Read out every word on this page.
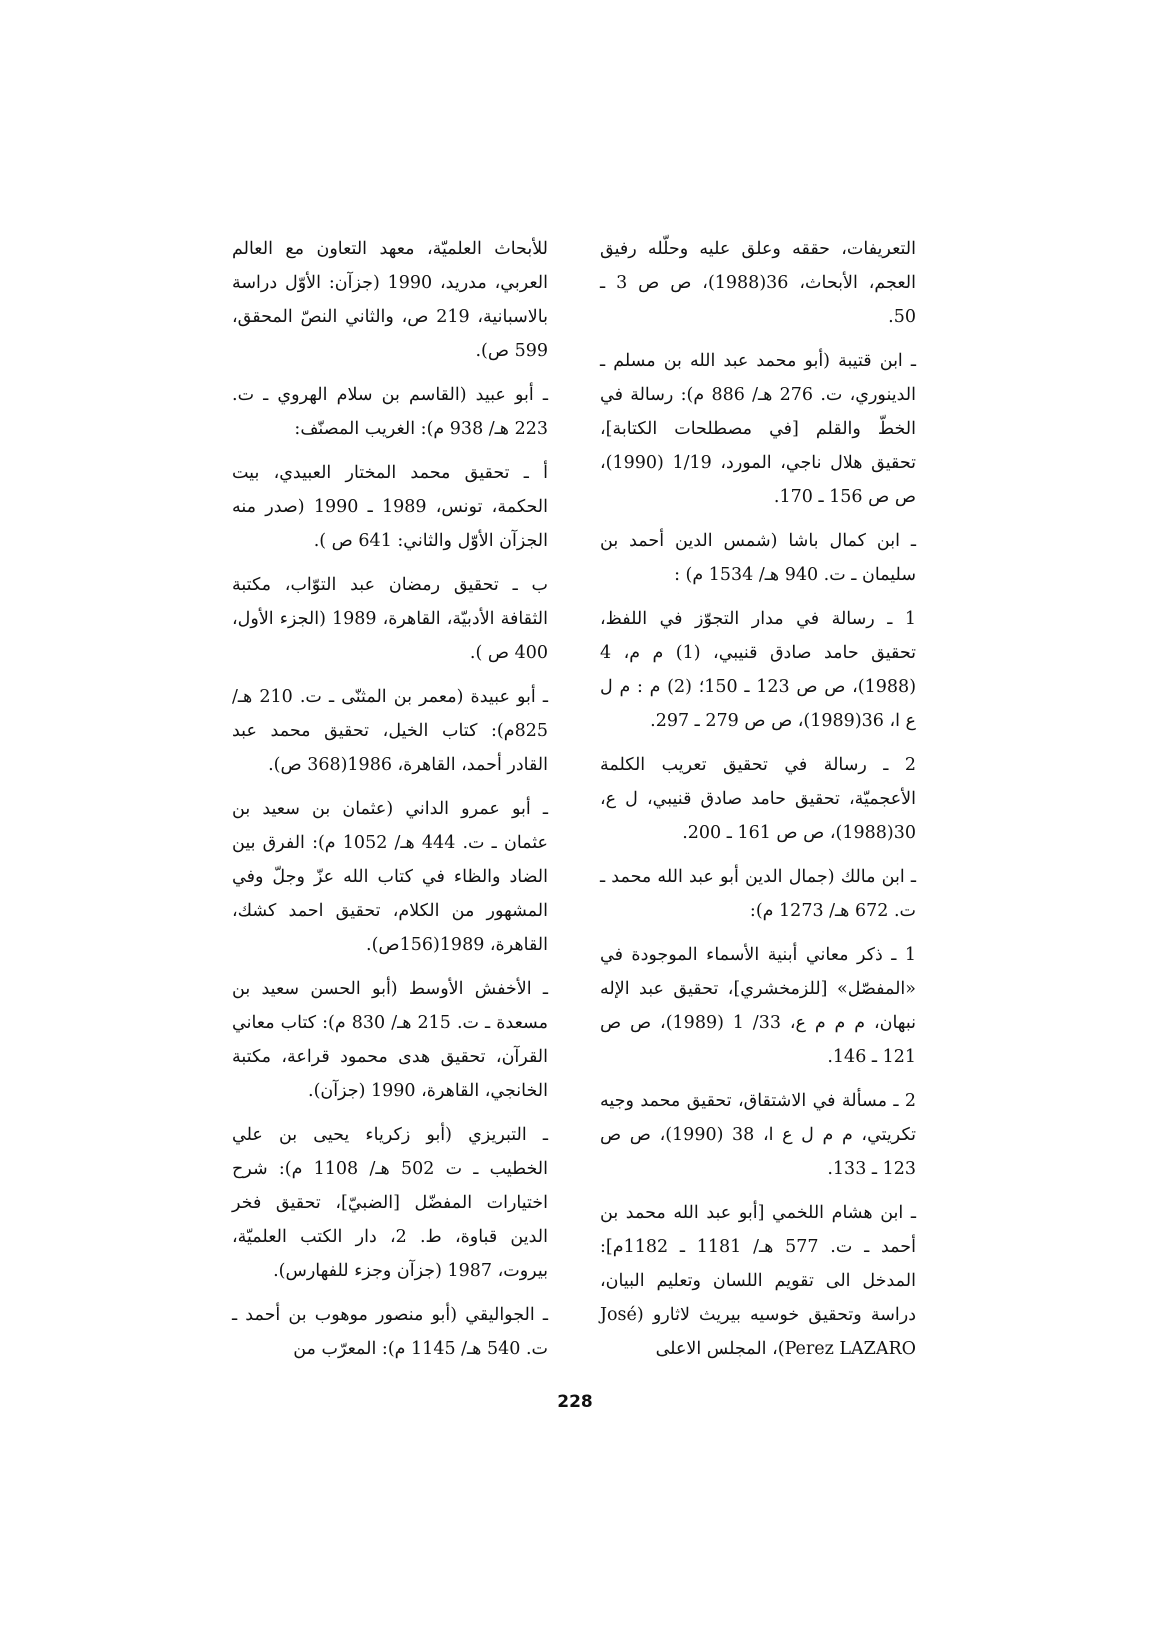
التعريفات، حققه وعلق عليه وحلّله رفيق العجم، الأبحاث، 36(1988)، ص ص 3 ـ 50.

ـ ابن قتيبة (أبو محمد عبد الله بن مسلم ـ الدينوري، ت. 276 هـ/ 886 م): رسالة في الخطّ والقلم [في مصطلحات الكتابة]، تحقيق هلال ناجي، المورد، 1/19 (1990)، ص ص 156 ـ 170.

ـ ابن كمال باشا (شمس الدين أحمد بن سليمان ـ ت. 940 هـ/ 1534 م) :

1 ـ رسالة في مدار التجوّز في اللفظ، تحقيق حامد صادق قنيبي، (1) م م، 4 (1988)، ص ص 123 ـ 150؛ (2) م : م ل ع ا، 36(1989)، ص ص 279 ـ 297.

2 ـ رسالة في تحقيق تعريب الكلمة الأعجميّة، تحقيق حامد صادق قنيبي، ل ع، 30(1988)، ص ص 161 ـ 200.

ـ ابن مالك (جمال الدين أبو عبد الله محمد ـ ت. 672 هـ/ 1273 م):

1 ـ ذكر معاني أبنية الأسماء الموجودة في «المفصّل» [للزمخشري]، تحقيق عبد الإله نبهان، م م م ع، 33/ 1 (1989)، ص ص 121 ـ 146.

2 ـ مسألة في الاشتقاق، تحقيق محمد وجيه تكريتي، م م ل ع ا، 38 (1990)، ص ص 123 ـ 133.

ـ ابن هشام اللخمي [أبو عبد الله محمد بن أحمد ـ ت. 577 هـ/ 1181 ـ 1182م]: المدخل الى تقويم اللسان وتعليم البيان، دراسة وتحقيق خوسيه بيريث لاثارو (José Perez LAZARO)، المجلس الاعلى

للأبحاث العلميّة، معهد التعاون مع العالم العربي، مدريد، 1990 (جزآن: الأوّل دراسة بالاسبانية، 219 ص، والثاني النصّ المحقق، 599 ص).

ـ أبو عبيد (القاسم بن سلام الهروي ـ ت. 223 هـ/ 938 م): الغريب المصنّف:

أ ـ تحقيق محمد المختار العبيدي، بيت الحكمة، تونس، 1989 ـ 1990 (صدر منه الجزآن الأوّل والثاني: 641 ص ).

ب ـ تحقيق رمضان عبد التوّاب، مكتبة الثقافة الأدبيّة، القاهرة، 1989 (الجزء الأول، 400 ص ).

ـ أبو عبيدة (معمر بن المثنّى ـ ت. 210 هـ/ 825م): كتاب الخيل، تحقيق محمد عبد القادر أحمد، القاهرة، 1986(368 ص).

ـ أبو عمرو الداني (عثمان بن سعيد بن عثمان ـ ت. 444 هـ/ 1052 م): الفرق بين الضاد والظاء في كتاب الله عزّ وجلّ وفي المشهور من الكلام، تحقيق احمد كشك، القاهرة، 1989(156ص).

ـ الأخفش الأوسط (أبو الحسن سعيد بن مسعدة ـ ت. 215 هـ/ 830 م): كتاب معاني القرآن، تحقيق هدى محمود قراعة، مكتبة الخانجي، القاهرة، 1990 (جزآن).

ـ التبريزي (أبو زكرياء يحيى بن علي الخطيب ـ ت 502 هـ/ 1108 م): شرح اختيارات المفضّل [الضبيّ]، تحقيق فخر الدين قباوة، ط. 2، دار الكتب العلميّة، بيروت، 1987 (جزآن وجزء للفهارس).

ـ الجواليقي (أبو منصور موهوب بن أحمد ـ ت. 540 هـ/ 1145 م): المعرّب من

228
